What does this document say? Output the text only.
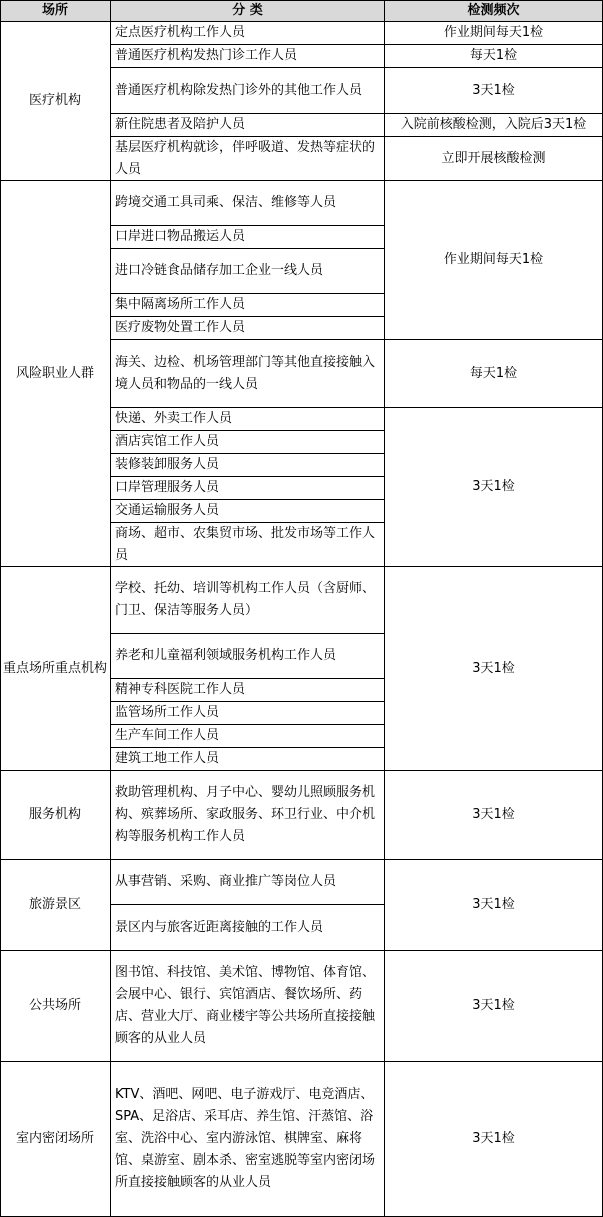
场所	分 类	检测频次
医疗机构
定点医疗机构工作人员
普通医疗机构发热门诊工作人员
普通医疗机构除发热门诊外的其他工作人员
新住院患者及陪护人员
基层医疗机构就诊，伴呼吸道、发热等症状的人员
作业期间每天1检
每天1检
3天1检
入院前核酸检测，入院后3天1检
立即开展核酸检测
风险职业人群
跨境交通工具司乘、保洁、维修等人员
口岸进口物品搬运人员
进口冷链食品储存加工企业一线人员
集中隔离场所工作人员
医疗废物处置工作人员
海关、边检、机场管理部门等其他直接接触入境人员和物品的一线人员
快递、外卖工作人员
酒店宾馆工作人员
装修装卸服务人员
口岸管理服务人员
交通运输服务人员
商场、超市、农集贸市场、批发市场等工作人员
作业期间每天1检
每天1检
3天1检
重点场所重点机构
学校、托幼、培训等机构工作人员（含厨师、门卫、保洁等服务人员）
养老和儿童福利领域服务机构工作人员
精神专科医院工作人员
监管场所工作人员
生产车间工作人员
建筑工地工作人员
3天1检
服务机构
救助管理机构、月子中心、婴幼儿照顾服务机构、殡葬场所、家政服务、环卫行业、中介机构等服务机构工作人员
3天1检
旅游景区
从事营销、采购、商业推广等岗位人员
景区内与旅客近距离接触的工作人员
3天1检
公共场所
图书馆、科技馆、美术馆、博物馆、体育馆、会展中心、银行、宾馆酒店、餐饮场所、药店、营业大厅、商业楼宇等公共场所直接接触顾客的从业人员
3天1检
室内密闭场所
KTV、酒吧、网吧、电子游戏厅、电竞酒店、SPA、足浴店、采耳店、养生馆、汗蒸馆、浴室、洗浴中心、室内游泳馆、棋牌室、麻将馆、桌游室、剧本杀、密室逃脱等室内密闭场所直接接触顾客的从业人员
3天1检
